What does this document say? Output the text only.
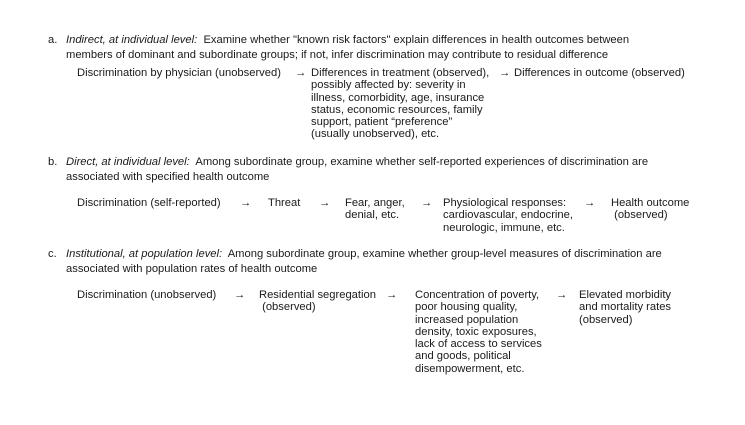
a. Indirect, at individual level: Examine whether "known risk factors" explain differences in health outcomes between
members of dominant and subordinate groups; if not, infer discrimination may contribute to residual difference
Discrimination by physician (unobserved) → Differences in treatment (observed),
possibly affected by: severity in
illness, comorbidity, age, insurance
status, economic resources, family
support, patient “preference”
(usually unobserved), etc.
→ Differences in outcome (observed)
b. Direct, at individual level: Among subordinate group, examine whether self-reported experiences of discrimination are
associated with specified health outcome
Discrimination (self-reported) → Threat → Fear, anger,
denial, etc.
→ Physiological responses:
cardiovascular, endocrine,
neurologic, immune, etc.
→ Health outcome
(observed)
c. Institutional, at population level: Among subordinate group, examine whether group-level measures of discrimination are
associated with population rates of health outcome
Discrimination (unobserved) → Residential segregation
(observed)
→ Concentration of poverty,
poor housing quality,
increased population
density, toxic exposures,
lack of access to services
and goods, political
disempowerment, etc.
→ Elevated morbidity
and mortality rates
(observed)
